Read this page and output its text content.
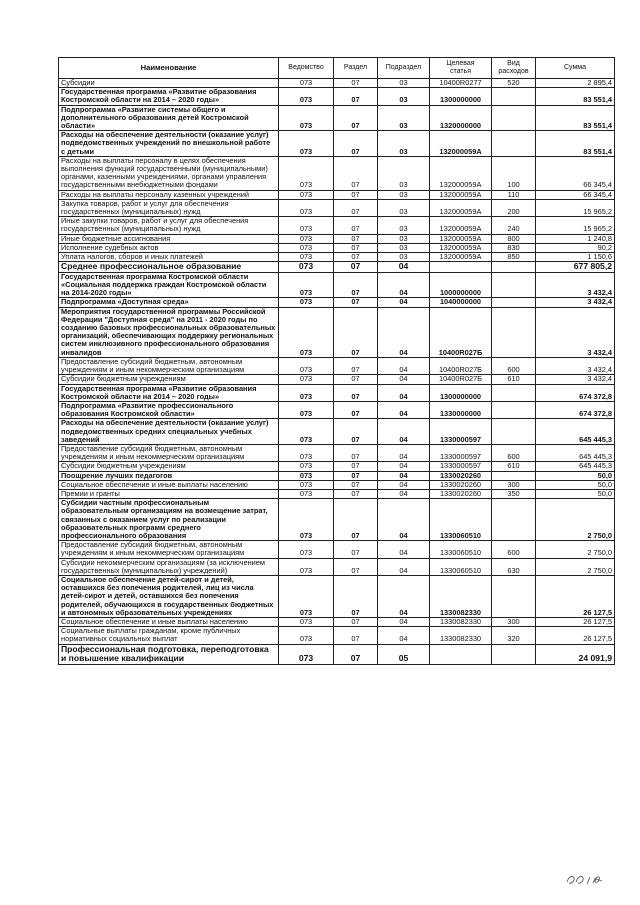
Наименование	Ведомство	Раздел	Подраздел	Целевая
статья	Вид
расходов	Сумма
Субсидии	073	07	03	10400R0277	520	2 895,4
Государственная программа «Развитие образования Костромской области на 2014 – 2020 годы»	073	07	03	1300000000		83 551,4
Подпрограмма «Развитие системы общего и дополнительного образования детей Костромской области»	073	07	03	1320000000		83 551,4
Расходы на обеспечение деятельности (оказание услуг) подведомственных учреждений по внешкольной работе с детьми	073	07	03	132000059А		83 551,4
Расходы на выплаты персоналу в целях обеспечения выполнения функций государственными (муниципальными) органами, казенными учреждениями, органами управления государственными внебюджетными фондами	073	07	03	132000059А	100	66 345,4
Расходы на выплаты персоналу казенных учреждений	073	07	03	132000059А	110	66 345,4
Закупка товаров, работ и услуг для обеспечения государственных (муниципальных) нужд	073	07	03	132000059А	200	15 965,2
Иные закупки товаров, работ и услуг для обеспечения государственных (муниципальных) нужд	073	07	03	132000059А	240	15 965,2
Иные бюджетные ассигнования	073	07	03	132000059А	800	1 240,8
Исполнение судебных актов	073	07	03	132000059А	830	90,2
Уплата налогов, сборов и иных платежей	073	07	03	132000059А	850	1 150,6
Среднее профессиональное образование	073	07	04			677 805,2
Государственная программа Костромской области «Социальная поддержка граждан Костромской области на 2014-2020 годы»	073	07	04	1000000000		3 432,4
Подпрограмма «Доступная среда»	073	07	04	1040000000		3 432,4
Мероприятия государственной программы Российской Федерации "Доступная среда" на 2011 - 2020 годы по созданию базовых профессиональных образовательных организаций, обеспечивающих поддержку региональных систем инклюзивного профессионального образования инвалидов	073	07	04	10400R027Б		3 432,4
Предоставление субсидий бюджетным, автономным учреждениям и иным некоммерческим организациям	073	07	04	10400R027Б	600	3 432,4
Субсидии бюджетным учреждениям	073	07	04	10400R027Б	610	3 432,4
Государственная программа «Развитие образования Костромской области на 2014 – 2020 годы»	073	07	04	1300000000		674 372,8
Подпрограмма «Развитие профессионального образования Костромской области»	073	07	04	1330000000		674 372,8
Расходы на обеспечение деятельности (оказание услуг) подведомственных средних специальных учебных заведений	073	07	04	1330000597		645 445,3
Предоставление субсидий бюджетным, автономным учреждениям и иным некоммерческим организациям	073	07	04	1330000597	600	645 445,3
Субсидии бюджетным учреждениям	073	07	04	1330000597	610	645 445,3
Поощрение лучших педагогов	073	07	04	1330020260		50,0
Социальное обеспечение и иные выплаты населению	073	07	04	1330020260	300	50,0
Премии и гранты	073	07	04	1330020260	350	50,0
Субсидии частным профессиональным образовательным организациям на возмещение затрат, связанных с оказанием услуг по реализации образовательных программ среднего профессионального образования	073	07	04	1330060510		2 750,0
Предоставление субсидий бюджетным, автономным учреждениям и иным некоммерческим организациям	073	07	04	1330060510	600	2 750,0
Субсидии некоммерческим организациям (за исключением государственных (муниципальных) учреждений)	073	07	04	1330060510	630	2 750,0
Социальное обеспечение детей-сирот и детей, оставшихся без попечения родителей, лиц из числа детей-сирот и детей, оставшихся без попечения родителей, обучающихся в государственных бюджетных и автономных образовательных учреждениях	073	07	04	1330082330		26 127,5
Социальное обеспечение и иные выплаты населению	073	07	04	1330082330	300	26 127,5
Социальные выплаты гражданам, кроме публичных нормативных социальных выплат	073	07	04	1330082330	320	26 127,5
Профессиональная подготовка, переподготовка и повышение квалификации	073	07	05			24 091,9
